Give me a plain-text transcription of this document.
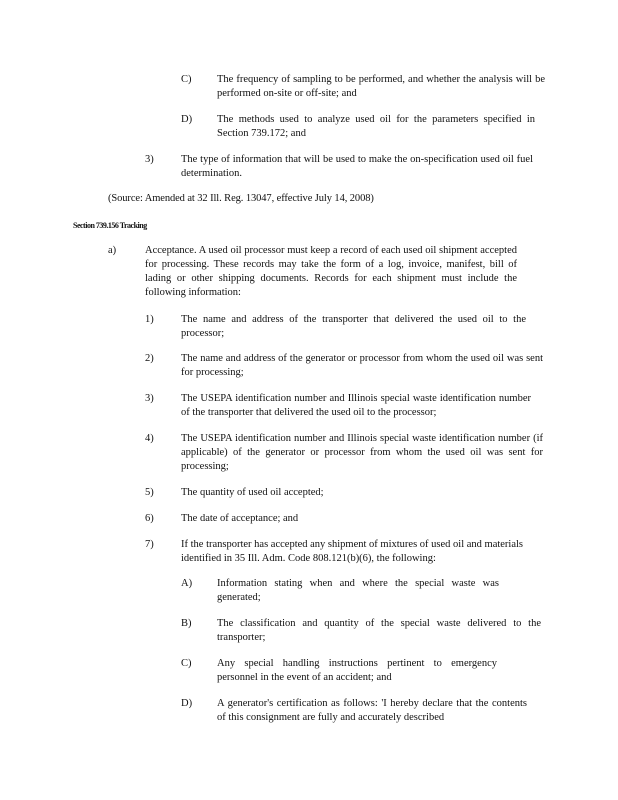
C) The frequency of sampling to be performed, and whether the analysis will be performed on-site or off-site; and
D) The methods used to analyze used oil for the parameters specified in Section 739.172; and
3)	The type of information that will be used to make the on-specification used oil fuel determination.
(Source: Amended at 32 Ill. Reg. 13047, effective July 14, 2008)
Section 739.156 Tracking
a)	Acceptance. A used oil processor must keep a record of each used oil shipment accepted for processing. These records may take the form of a log, invoice, manifest, bill of lading or other shipping documents. Records for each shipment must include the following information:
1)	The name and address of the transporter that delivered the used oil to the processor;
2)	The name and address of the generator or processor from whom the used oil was sent for processing;
3)	The USEPA identification number and Illinois special waste identification number of the transporter that delivered the used oil to the processor;
4)	The USEPA identification number and Illinois special waste identification number (if applicable) of the generator or processor from whom the used oil was sent for processing;
5)	The quantity of used oil accepted;
6)	The date of acceptance; and
7)	If the transporter has accepted any shipment of mixtures of used oil and materials identified in 35 Ill. Adm. Code 808.121(b)(6), the following:
A) Information stating when and where the special waste was generated;
B) The classification and quantity of the special waste delivered to the transporter;
C) Any special handling instructions pertinent to emergency personnel in the event of an accident; and
D) A generator's certification as follows: 'I hereby declare that the contents of this consignment are fully and accurately described
